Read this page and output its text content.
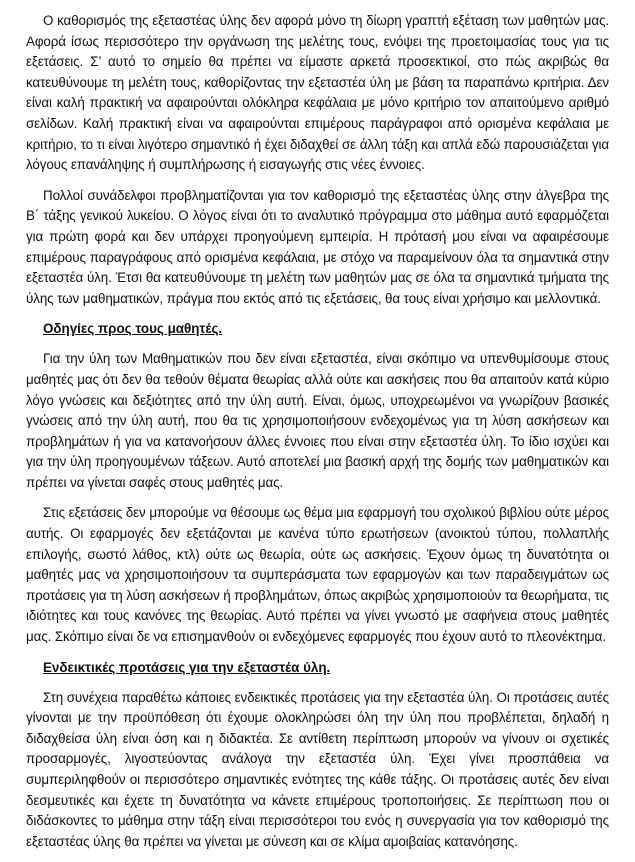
Ο καθορισμός της εξεταστέας ύλης δεν αφορά μόνο τη δίωρη γραπτή εξέταση των μαθητών μας. Αφορά ίσως περισσότερο την οργάνωση της μελέτης τους, ενόψει της προετοιμασίας τους για τις εξετάσεις. Σ’ αυτό το σημείο θα πρέπει να είμαστε αρκετά προσεκτικοί, στο πώς ακριβώς θα κατευθύνουμε τη μελέτη τους, καθορίζοντας την εξεταστέα ύλη με βάση τα παραπάνω κριτήρια. Δεν είναι καλή πρακτική να αφαιρούνται ολόκληρα κεφάλαια με μόνο κριτήριο τον απαιτούμενο αριθμό σελίδων. Καλή πρακτική είναι να αφαιρούνται επιμέρους παράγραφοι από ορισμένα κεφάλαια με κριτήριο, το τι είναι λιγότερο σημαντικό ή έχει διδαχθεί σε άλλη τάξη και απλά εδώ παρουσιάζεται για λόγους επανάληψης ή συμπλήρωσης ή εισαγωγής στις νέες έννοιες.

Πολλοί συνάδελφοι προβληματίζονται για τον καθορισμό της εξεταστέας ύλης στην άλγεβρα της Β΄ τάξης γενικού λυκείου. Ο λόγος είναι ότι το αναλυτικό πρόγραμμα στο μάθημα αυτό εφαρμόζεται για πρώτη φορά και δεν υπάρχει προηγούμενη εμπειρία. Η πρότασή μου είναι να αφαιρέσουμε επιμέρους παραγράφους από ορισμένα κεφάλαια, με στόχο να παραμείνουν όλα τα σημαντικά στην εξεταστέα ύλη. Έτσι θα κατευθύνουμε τη μελέτη των μαθητών μας σε όλα τα σημαντικά τμήματα της ύλης των μαθηματικών, πράγμα που εκτός από τις εξετάσεις, θα τους είναι χρήσιμο και μελλοντικά.

Οδηγίες προς τους μαθητές.

Για την ύλη των Μαθηματικών που δεν είναι εξεταστέα, είναι σκόπιμο να υπενθυμίσουμε στους μαθητές μας ότι δεν θα τεθούν θέματα θεωρίας αλλά ούτε και ασκήσεις που θα απαιτούν κατά κύριο λόγο γνώσεις και δεξιότητες από την ύλη αυτή. Είναι, όμως, υποχρεωμένοι να γνωρίζουν βασικές γνώσεις από την ύλη αυτή, που θα τις χρησιμοποιήσουν ενδεχομένως για τη λύση ασκήσεων και προβλημάτων ή για να κατανοήσουν άλλες έννοιες που είναι στην εξεταστέα ύλη. Το ίδιο ισχύει και για την ύλη προηγουμένων τάξεων. Αυτό αποτελεί μια βασική αρχή της δομής των μαθηματικών και πρέπει να γίνεται σαφές στους μαθητές μας.

Στις εξετάσεις δεν μπορούμε να θέσουμε ως θέμα μια εφαρμογή του σχολικού βιβλίου ούτε μέρος αυτής. Οι εφαρμογές δεν εξετάζονται με κανένα τύπο ερωτήσεων (ανοικτού τύπου, πολλαπλής επιλογής, σωστό λάθος, κτλ) ούτε ως θεωρία, ούτε ως ασκήσεις. Έχουν όμως τη δυνατότητα οι μαθητές μας να χρησιμοποιήσουν τα συμπεράσματα των εφαρμογών και των παραδειγμάτων ως προτάσεις για τη λύση ασκήσεων ή προβλημάτων, όπως ακριβώς χρησιμοποιούν τα θεωρήματα, τις ιδιότητες και τους κανόνες της θεωρίας. Αυτό πρέπει να γίνει γνωστό με σαφήνεια στους μαθητές μας. Σκόπιμο είναι δε να επισημανθούν οι ενδεχόμενες εφαρμογές που έχουν αυτό το πλεονέκτημα.

Ενδεικτικές προτάσεις για την εξεταστέα ύλη.

Στη συνέχεια παραθέτω κάποιες ενδεικτικές προτάσεις για την εξεταστέα ύλη. Οι προτάσεις αυτές γίνονται με την προϋπόθεση ότι έχουμε ολοκληρώσει όλη την ύλη που προβλέπεται, δηλαδή η διδαχθείσα ύλη είναι όση και η διδακτέα. Σε αντίθετη περίπτωση μπορούν να γίνουν οι σχετικές προσαρμογές, λιγοστεύοντας ανάλογα την εξεταστέα ύλη. Έχει γίνει προσπάθεια να συμπεριληφθούν οι περισσότερο σημαντικές ενότητες της κάθε τάξης. Οι προτάσεις αυτές δεν είναι δεσμευτικές και έχετε τη δυνατότητα να κάνετε επιμέρους τροποποιήσεις. Σε περίπτωση που οι διδάσκοντες το μάθημα στην τάξη είναι περισσότεροι του ενός η συνεργασία για τον καθορισμό της εξεταστέας ύλης θα πρέπει να γίνεται με σύνεση και σε κλίμα αμοιβαίας κατανόησης.
